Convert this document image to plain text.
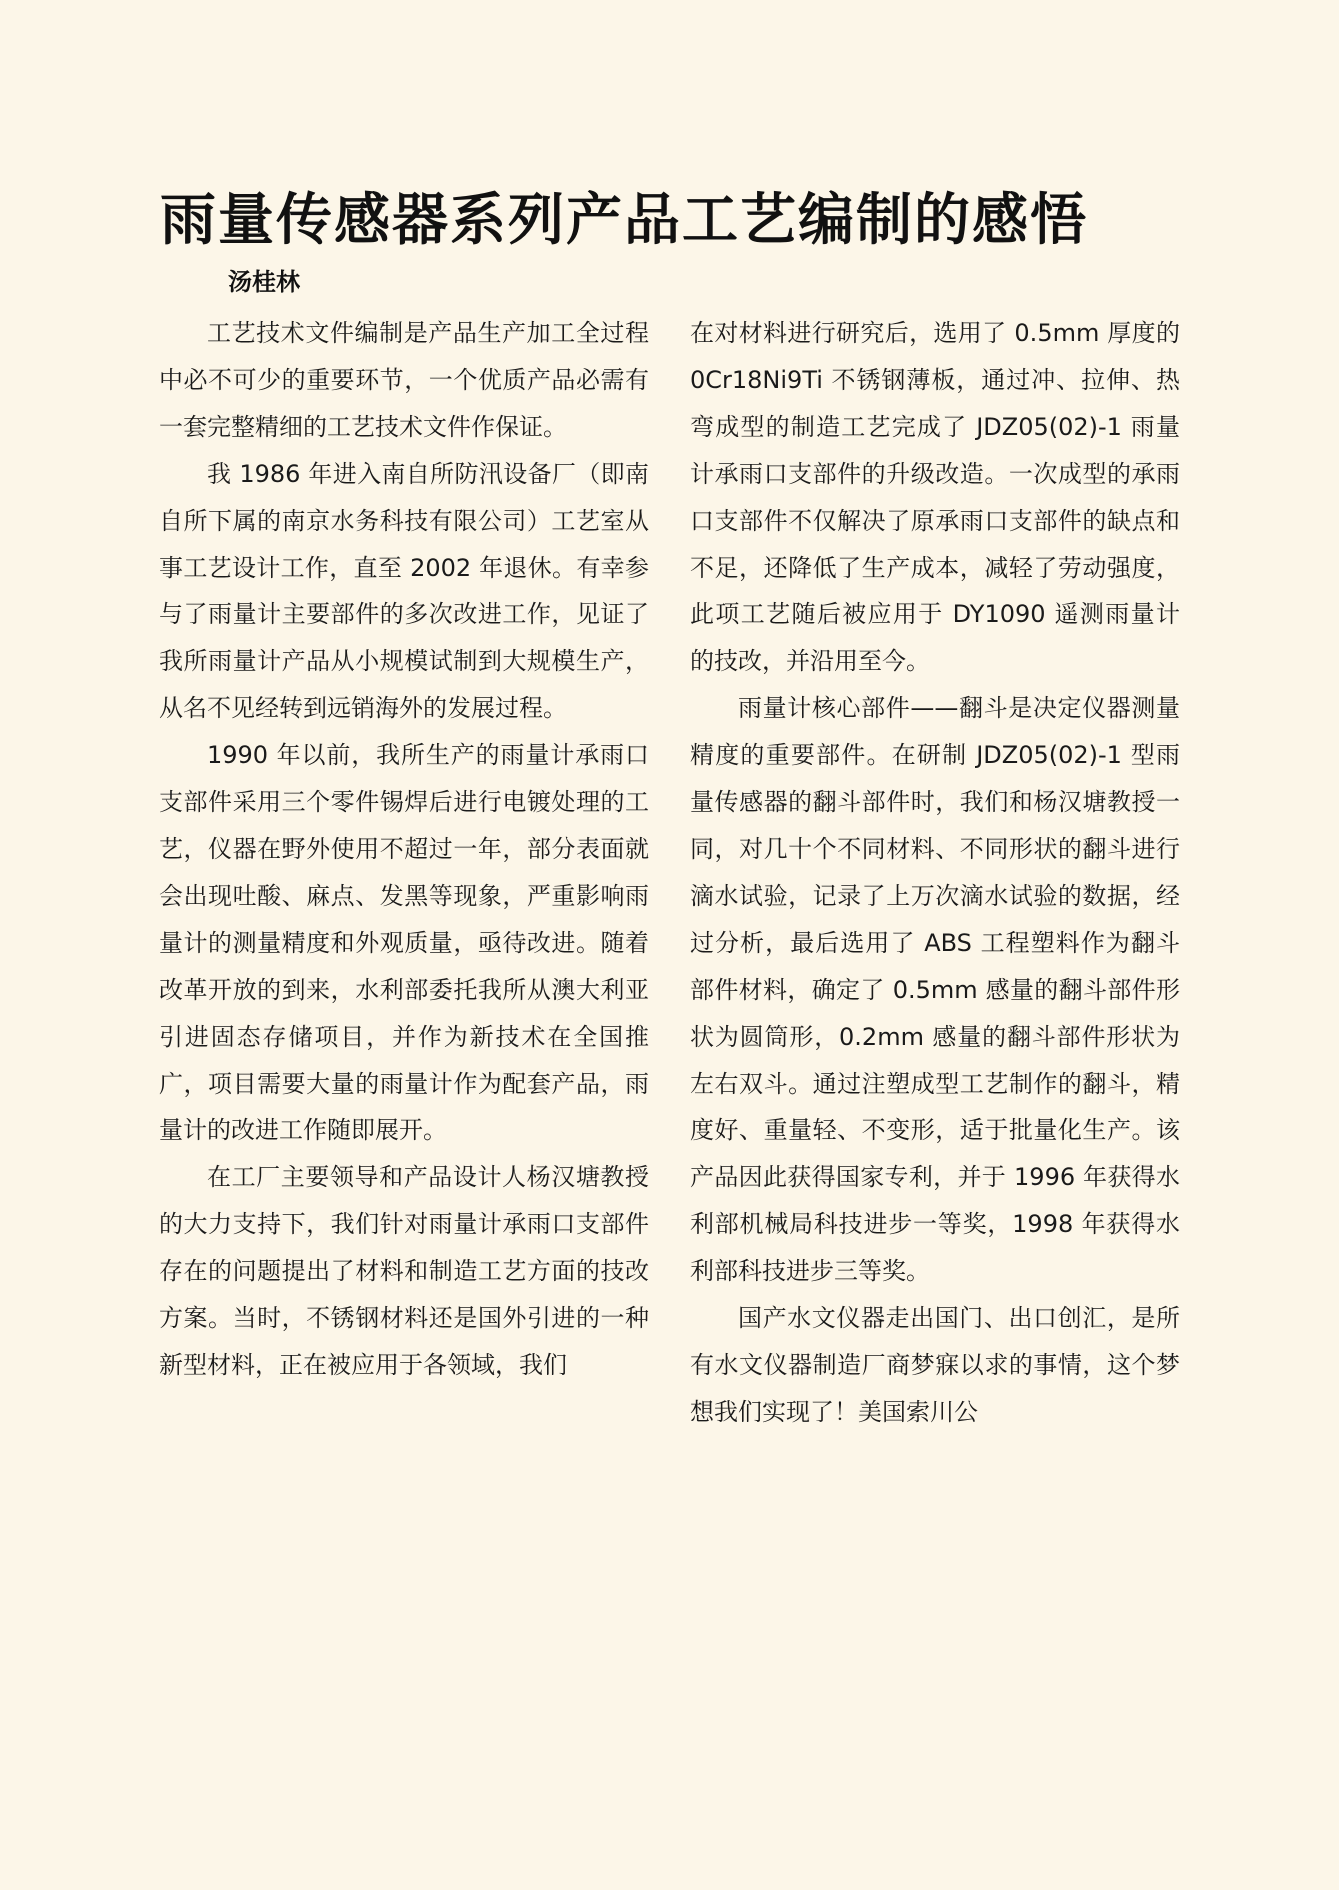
雨量传感器系列产品工艺编制的感悟
汤桂林

工艺技术文件编制是产品生产加工全过程中必不可少的重要环节，一个优质产品必需有一套完整精细的工艺技术文件作保证。

我 1986 年进入南自所防汛设备厂（即南自所下属的南京水务科技有限公司）工艺室从事工艺设计工作，直至 2002 年退休。有幸参与了雨量计主要部件的多次改进工作，见证了我所雨量计产品从小规模试制到大规模生产，从名不见经转到远销海外的发展过程。

1990 年以前，我所生产的雨量计承雨口支部件采用三个零件锡焊后进行电镀处理的工艺，仪器在野外使用不超过一年，部分表面就会出现吐酸、麻点、发黑等现象，严重影响雨量计的测量精度和外观质量，亟待改进。随着改革开放的到来，水利部委托我所从澳大利亚引进固态存储项目，并作为新技术在全国推广，项目需要大量的雨量计作为配套产品，雨量计的改进工作随即展开。

在工厂主要领导和产品设计人杨汉塘教授的大力支持下，我们针对雨量计承雨口支部件存在的问题提出了材料和制造工艺方面的技改方案。当时，不锈钢材料还是国外引进的一种新型材料，正在被应用于各领域，我们

在对材料进行研究后，选用了 0.5mm 厚度的 0Cr18Ni9Ti 不锈钢薄板，通过冲、拉伸、热弯成型的制造工艺完成了 JDZ05(02)-1 雨量计承雨口支部件的升级改造。一次成型的承雨口支部件不仅解决了原承雨口支部件的缺点和不足，还降低了生产成本，减轻了劳动强度，此项工艺随后被应用于 DY1090 遥测雨量计的技改，并沿用至今。

雨量计核心部件——翻斗是决定仪器测量精度的重要部件。在研制 JDZ05(02)-1 型雨量传感器的翻斗部件时，我们和杨汉塘教授一同，对几十个不同材料、不同形状的翻斗进行滴水试验，记录了上万次滴水试验的数据，经过分析，最后选用了 ABS 工程塑料作为翻斗部件材料，确定了 0.5mm 感量的翻斗部件形状为圆筒形，0.2mm 感量的翻斗部件形状为左右双斗。通过注塑成型工艺制作的翻斗，精度好、重量轻、不变形，适于批量化生产。该产品因此获得国家专利，并于 1996 年获得水利部机械局科技进步一等奖，1998 年获得水利部科技进步三等奖。

国产水文仪器走出国门、出口创汇，是所有水文仪器制造厂商梦寐以求的事情，这个梦想我们实现了！美国索川公
